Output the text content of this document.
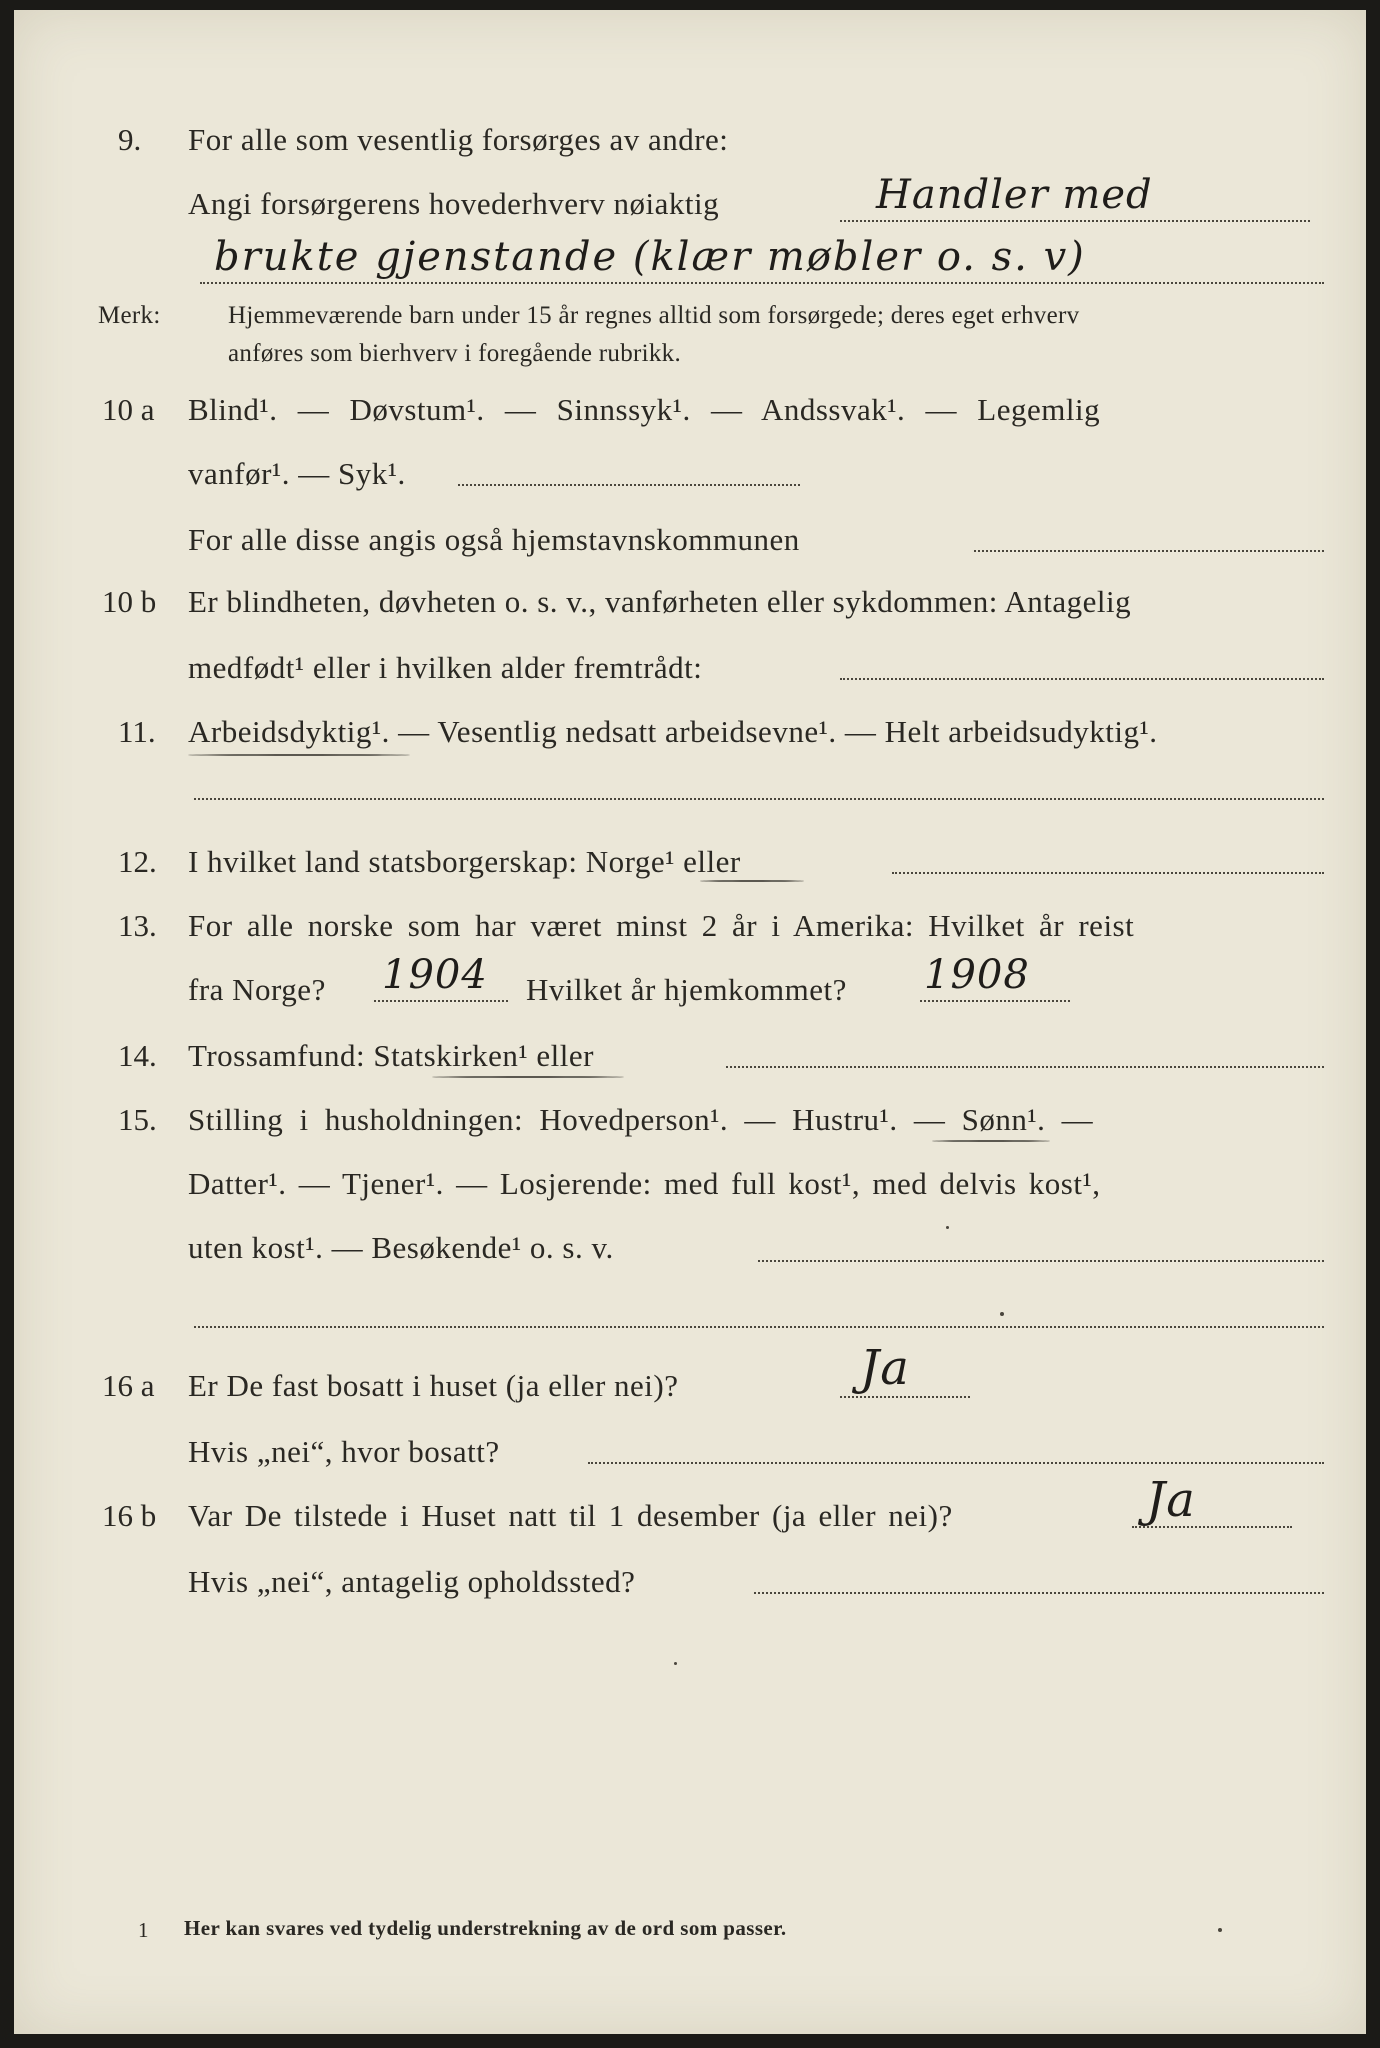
9. For alle som vesentlig forsørges av andre:
Angi forsørgerens hovederhverv nøiaktig	Handler med
brukte gjenstande (klær møbler o. s. v)
Merk:	Hjemmeværende barn under 15 år regnes alltid som forsørgede; deres eget erhverv
anføres som bierhverv i foregående rubrikk.
10 a Blind¹. — Døvstum¹. — Sinnssyk¹. — Andssvak¹. — Legemlig
vanfør¹. — Syk¹.
For alle disse angis også hjemstavnskommunen
10 b Er blindheten, døvheten o. s. v., vanførheten eller sykdommen: Antagelig
medfødt¹ eller i hvilken alder fremtrådt:
11. Arbeidsdyktig¹. — Vesentlig nedsatt arbeidsevne¹. — Helt arbeidsudyktig¹.
12. I hvilket land statsborgerskap: Norge¹ eller
13. For alle norske som har været minst 2 år i Amerika: Hvilket år reist
fra Norge? 1904 Hvilket år hjemkommet? 1908
14. Trossamfund: Statskirken¹ eller
15. Stilling i husholdningen: Hovedperson¹. — Hustru¹. — Sønn¹. —
Datter¹. — Tjener¹. — Losjerende: med full kost¹, med delvis kost¹,
uten kost¹. — Besøkende¹ o. s. v.
16 a Er De fast bosatt i huset (ja eller nei)?	Ja
Hvis „nei“, hvor bosatt?
16 b Var De tilstede i Huset natt til 1 desember (ja eller nei)?	Ja
Hvis „nei“, antagelig opholdssted?
1 Her kan svares ved tydelig understrekning av de ord som passer.
